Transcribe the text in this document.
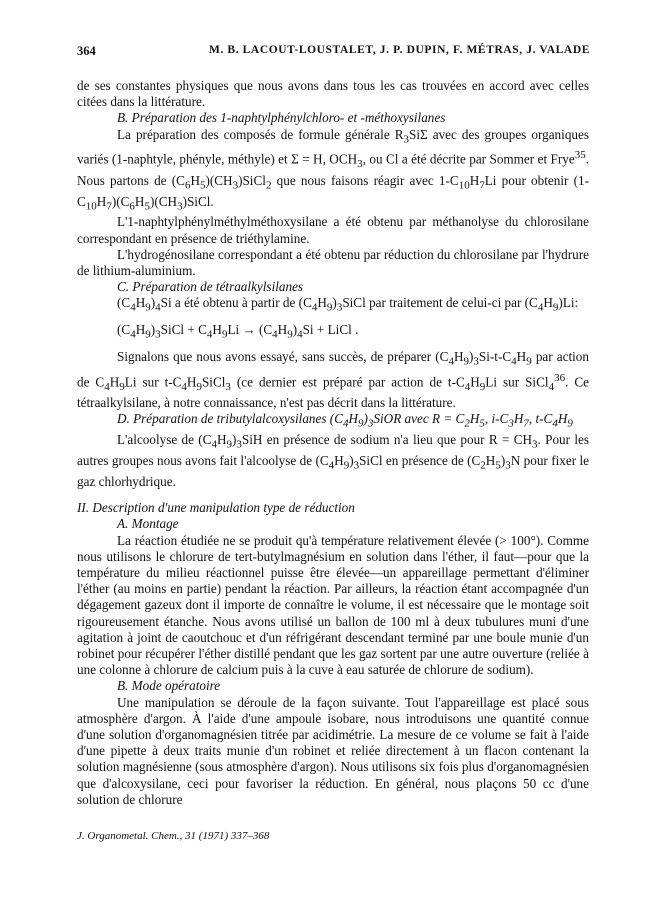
364	M. B. LACOUT-LOUSTALET, J. P. DUPIN, F. MÉTRAS, J. VALADE

de ses constantes physiques que nous avons dans tous les cas trouvées en accord avec celles citées dans la littérature.

B. Préparation des 1-naphtylphénylchloro- et -méthoxysilanes

La préparation des composés de formule générale $R_3Si\Sigma$ avec des groupes organiques variés (1-naphtyle, phényle, méthyle) et Σ = H, $OCH_3$, ou Cl a été décrite par Sommer et Frye$^{35}$. Nous partons de $(C_6H_5)(CH_3)SiCl_2$ que nous faisons réagir avec $1-C_{10}H_7Li$ pour obtenir $(1-C_{10}H_7)(C_6H_5)(CH_3)SiCl$.

L'1-naphtylphénylméthylméthoxysilane a été obtenu par méthanolyse du chlorosilane correspondant en présence de triéthylamine.

L'hydrogénosilane correspondant a été obtenu par réduction du chlorosilane par l'hydrure de lithium-aluminium.

C. Préparation de tétraalkylsilanes

$(C_4H_9)_4Si$ a été obtenu à partir de $(C_4H_9)_3SiCl$ par traitement de celui-ci par $(C_4H_9)Li$:

$(C_4H_9)_3SiCl + C_4H_9Li \to (C_4H_9)_4Si$ + LiCl .

Signalons que nous avons essayé, sans succès, de préparer $(C_4H_9)_3Si-t-C_4H_9$ par action de $C_4H_9Li$ sur $t-C_4H_9SiCl_3$ (ce dernier est préparé par action de $t-C_4H_9Li$ sur SiCl$_4^{36}$. Ce tétraalkylsilane, à notre connaissance, n'est pas décrit dans la littérature.

D. Préparation de tributylalcoxysilanes $(C_4H_9)_3SiOR$ avec $R = C_2H_5$, $i-C_3H_7$, $t-C_4H_9$

L'alcoolyse de $(C_4H_9)_3SiH$ en présence de sodium n'a lieu que pour $R = CH_3$. Pour les autres groupes nous avons fait l'alcoolyse de $(C_4H_9)_3SiCl$ en présence de $(C_2H_5)_3N$ pour fixer le gaz chlorhydrique.

II. Description d'une manipulation type de réduction

A. Montage

La réaction étudiée ne se produit qu'à température relativement élevée (> 100°). Comme nous utilisons le chlorure de tert-butylmagnésium en solution dans l'éther, il faut—pour que la température du milieu réactionnel puisse être élevée—un appareillage permettant d'éliminer l'éther (au moins en partie) pendant la réaction. Par ailleurs, la réaction étant accompagnée d'un dégagement gazeux dont il importe de connaître le volume, il est nécessaire que le montage soit rigoureusement étanche. Nous avons utilisé un ballon de 100 ml à deux tubulures muni d'une agitation à joint de caoutchouc et d'un réfrigérant descendant terminé par une boule munie d'un robinet pour récupérer l'éther distillé pendant que les gaz sortent par une autre ouverture (reliée à une colonne à chlorure de calcium puis à la cuve à eau saturée de chlorure de sodium).

B. Mode opératoire

Une manipulation se déroule de la façon suivante. Tout l'appareillage est placé sous atmosphère d'argon. À l'aide d'une ampoule isobare, nous introduisons une quantité connue d'une solution d'organomagnésien titrée par acidimétrie. La mesure de ce volume se fait à l'aide d'une pipette à deux traits munie d'un robinet et reliée directement à un flacon contenant la solution magnésienne (sous atmosphère d'argon). Nous utilisons six fois plus d'organomagnésien que d'alcoxysilane, ceci pour favoriser la réduction. En général, nous plaçons 50 cc d'une solution de chlorure

J. Organometal. Chem., 31 (1971) 337–368
